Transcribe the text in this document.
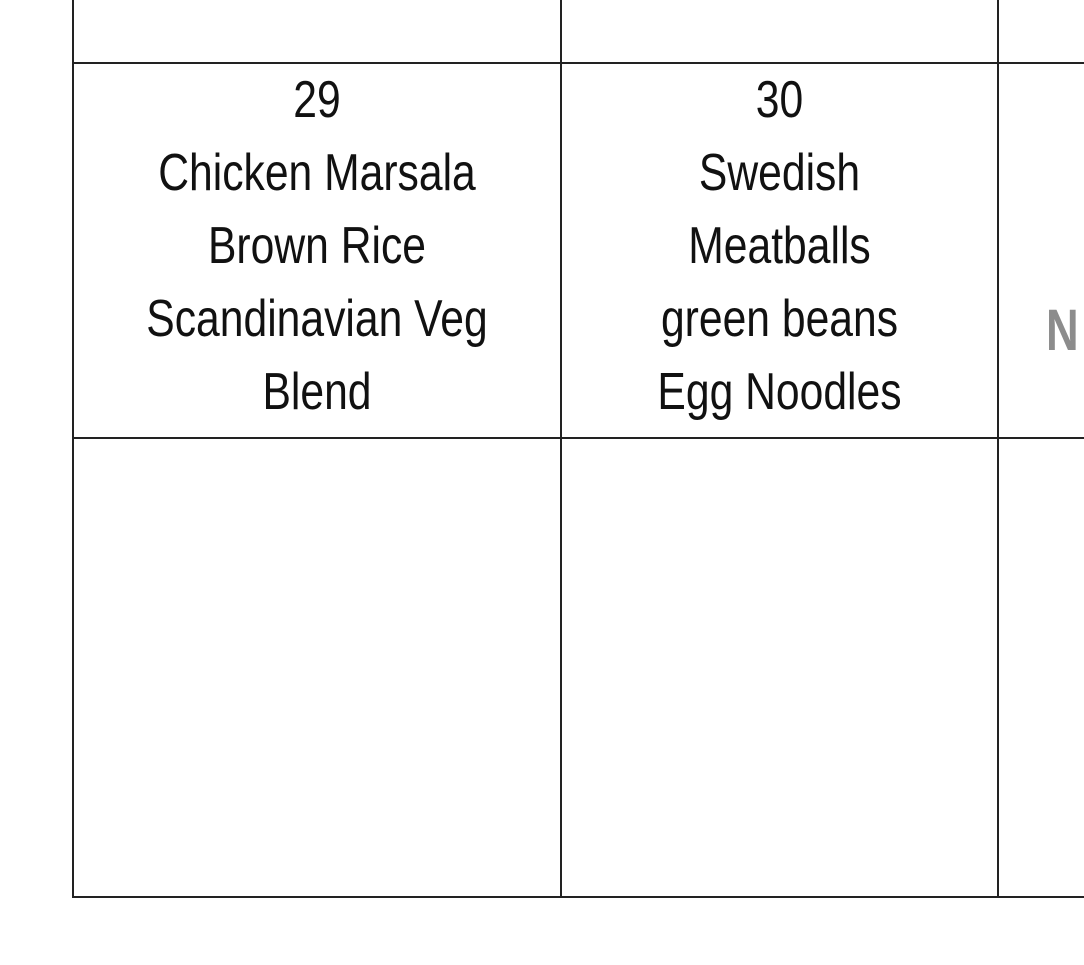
29
Chicken Marsala
Brown Rice
Scandinavian Veg
Blend
30
Swedish
Meatballs
green beans
Egg Noodles
N
